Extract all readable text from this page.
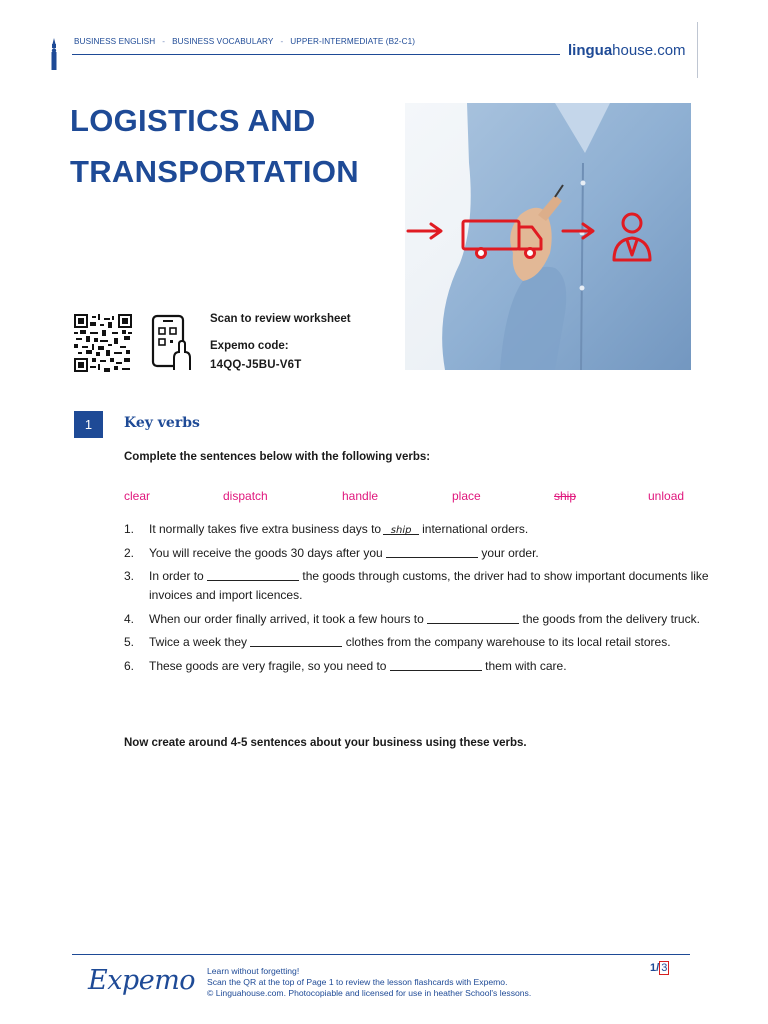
BUSINESS ENGLISH - BUSINESS VOCABULARY - UPPER-INTERMEDIATE (B2-C1)
linguahouse.com
LOGISTICS AND
TRANSPORTATION
Scan to review worksheet
Expemo code:
14QQ-J5BU-V6T
1	Key verbs

Complete the sentences below with the following verbs:

clear	dispatch	handle	place	ship	unload
1. It normally takes five extra business days to ship international orders.
2. You will receive the goods 30 days after you	your order.
3. In order to	the goods through customs, the driver had to show important documents like invoices and import licences.
4. When our order finally arrived, it took a few hours to	the goods from the delivery truck.
5. Twice a week they	clothes from the company warehouse to its local retail stores.
6. These goods are very fragile, so you need to	them with care.

Now create around 4-5 sentences about your business using these verbs.

Expemo Learn without forgetting!
Scan the QR at the top of Page 1 to review the lesson flashcards with Expemo.
© Linguahouse.com. Photocopiable and licensed for use in heather School's lessons.
1/ 3
